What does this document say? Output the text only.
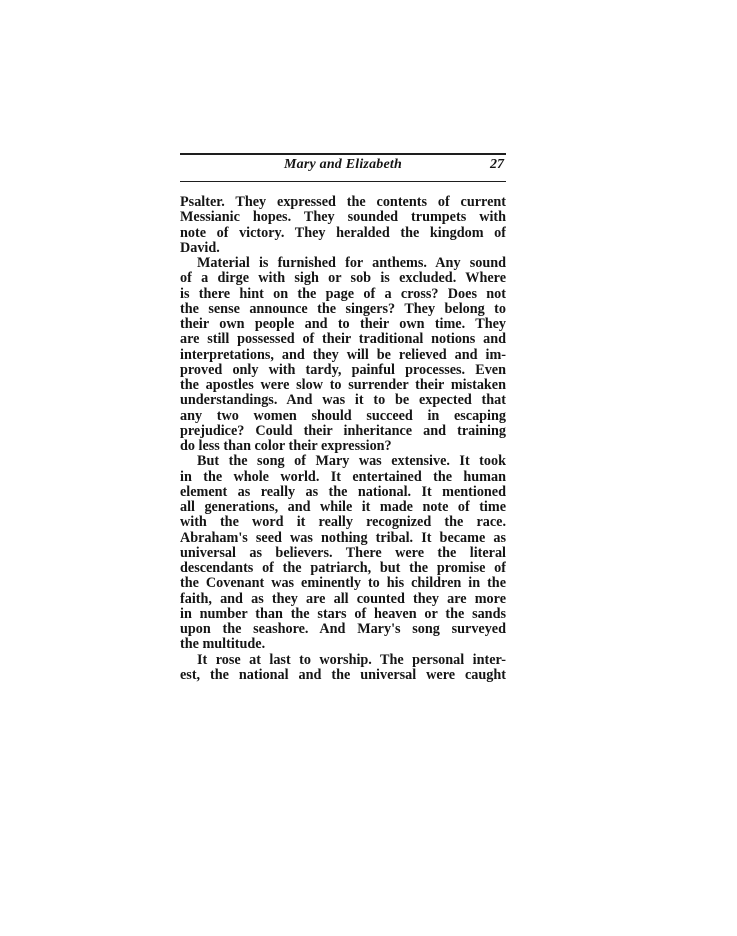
Mary and Elizabeth	27
Psalter. They expressed the contents of current
Messianic hopes. They sounded trumpets with
note of victory. They heralded the kingdom of
David.
Material is furnished for anthems. Any sound
of a dirge with sigh or sob is excluded. Where
is there hint on the page of a cross? Does not
the sense announce the singers? They belong to
their own people and to their own time. They
are still possessed of their traditional notions and
interpretations, and they will be relieved and im-
proved only with tardy, painful processes. Even
the apostles were slow to surrender their mistaken
understandings. And was it to be expected that
any two women should succeed in escaping
prejudice? Could their inheritance and training
do less than color their expression?
But the song of Mary was extensive. It took
in the whole world. It entertained the human
element as really as the national. It mentioned
all generations, and while it made note of time
with the word it really recognized the race.
Abraham's seed was nothing tribal. It became as
universal as believers. There were the literal
descendants of the patriarch, but the promise of
the Covenant was eminently to his children in the
faith, and as they are all counted they are more
in number than the stars of heaven or the sands
upon the seashore. And Mary's song surveyed
the multitude.
It rose at last to worship. The personal inter-
est, the national and the universal were caught
